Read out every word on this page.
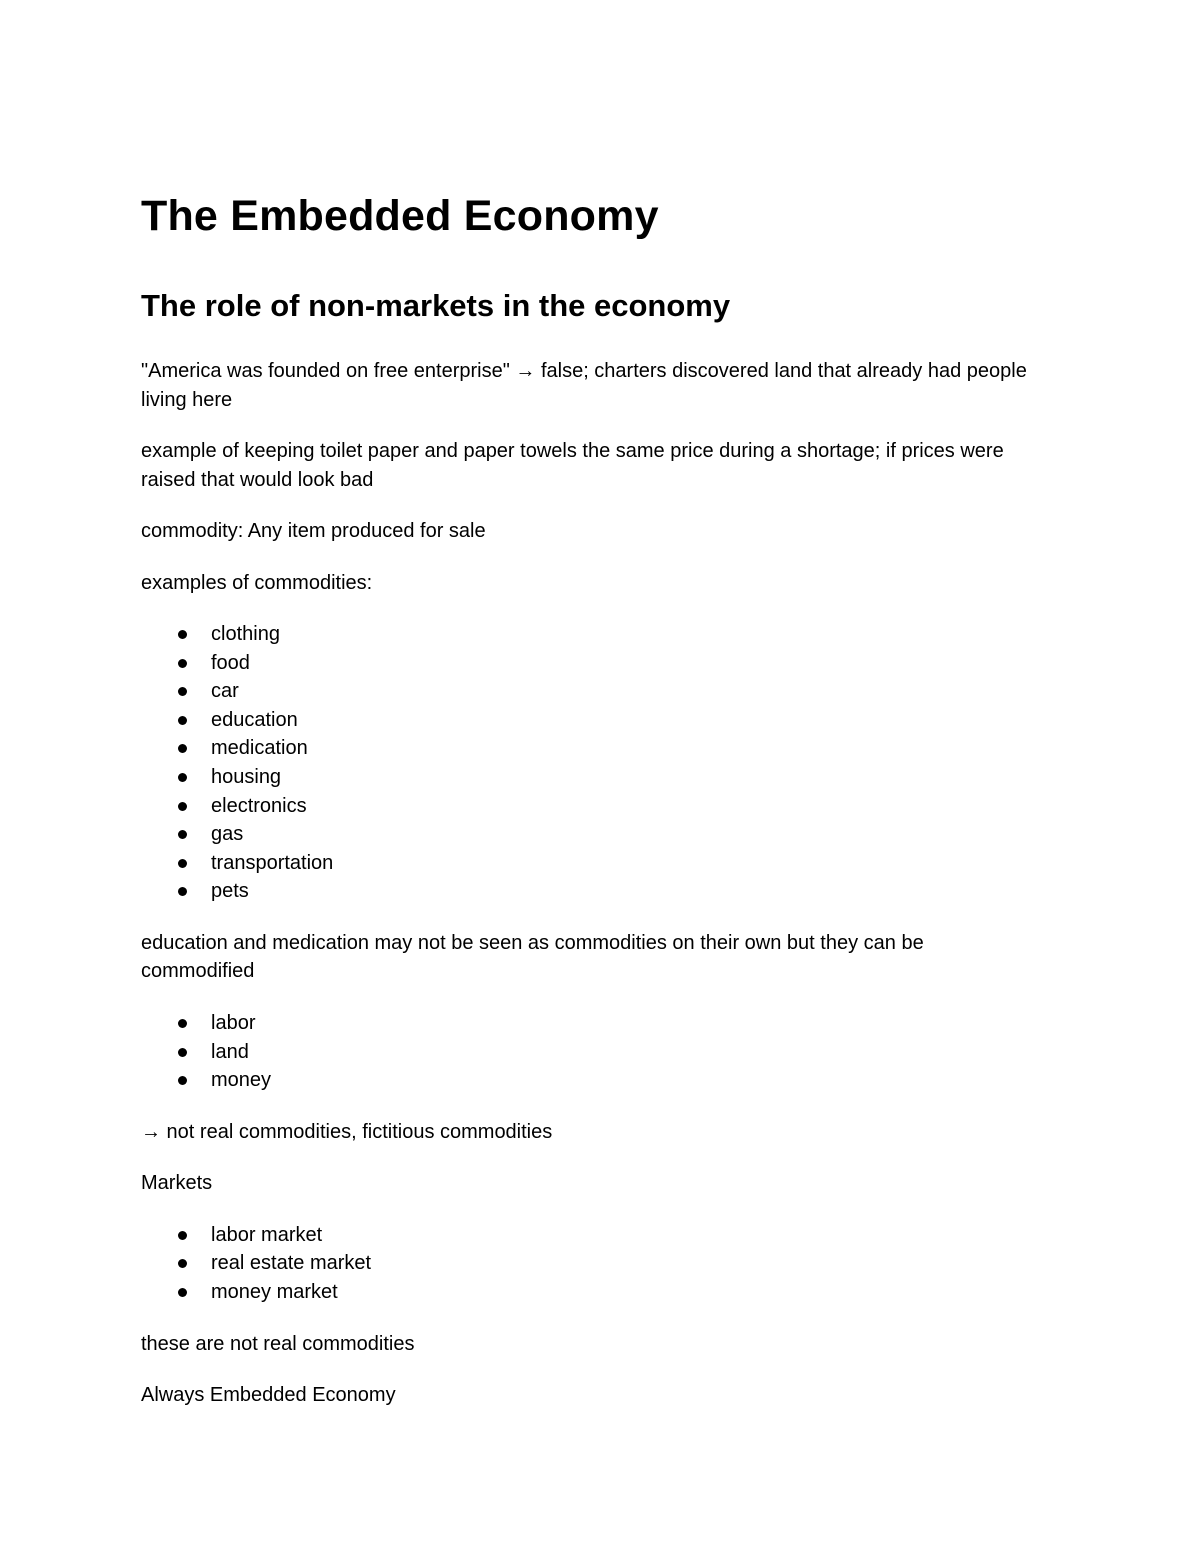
The Embedded Economy
The role of non-markets in the economy

"America was founded on free enterprise" → false; charters discovered land that already had people living here

example of keeping toilet paper and paper towels the same price during a shortage; if prices were raised that would look bad

commodity: Any item produced for sale

examples of commodities:

clothing
food
car
education
medication
housing
electronics
gas
transportation
pets

education and medication may not be seen as commodities on their own but they can be commodified

labor
land
money

→ not real commodities, fictitious commodities

Markets

labor market
real estate market
money market

these are not real commodities

Always Embedded Economy
